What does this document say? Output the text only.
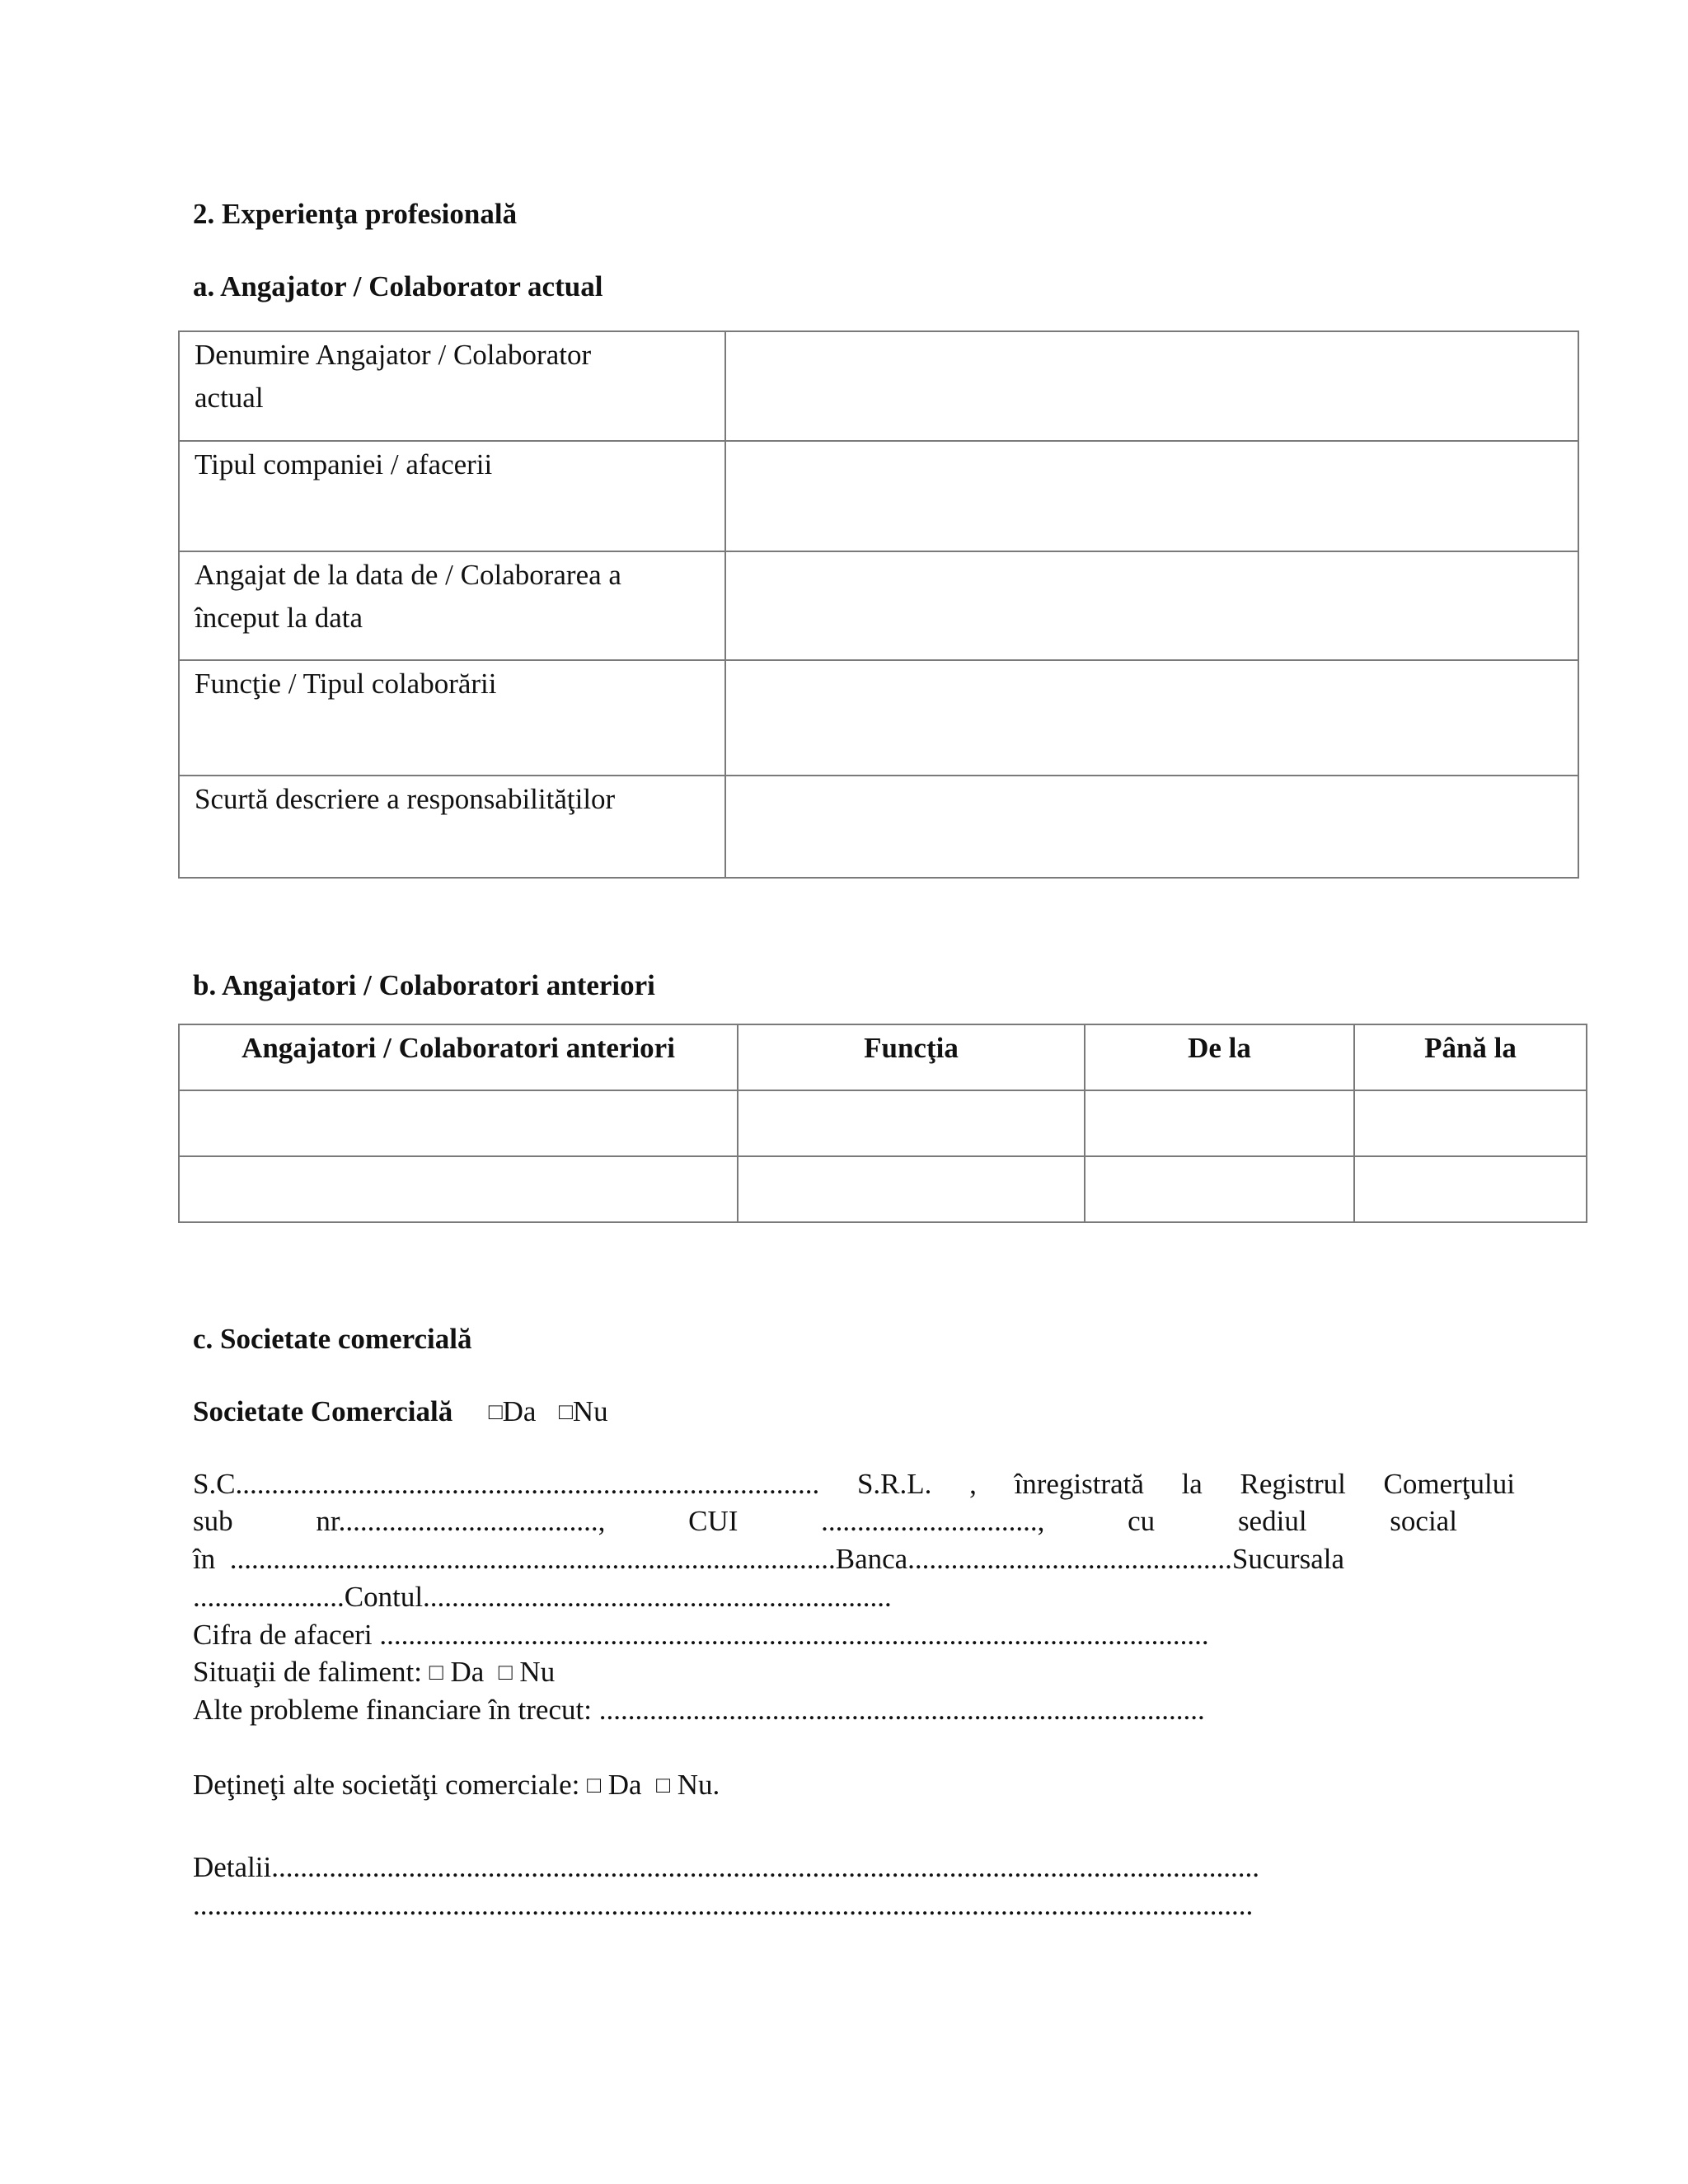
2. Experienţa profesională
a. Angajator / Colaborator actual
Denumire Angajator / Colaborator
actual	

Tipul companiei / afacerii	

Angajat de la data de / Colaborarea a
început la data	

Funcţie / Tipul colaborării	

Scurtă descriere a responsabilităţilor	

b. Angajatori / Colaboratori anteriori
Angajatori / Colaboratori anteriori	Funcţia	De la	Până la

c. Societate comercială
Societate Comercială □Da □Nu
S.C................................................................................. S.R.L. , înregistrată la Registrul Comerţului
sub	nr....................................,	CUI	..............................,	cu	sediul	social
în ....................................................................................Banca.............................................Sucursala
.....................Contul.................................................................
Cifra de afaceri ...................................................................................................................
Situaţii de faliment: □ Da □ Nu
Alte probleme financiare în trecut: ....................................................................................
Deţineţi alte societăţi comerciale: □ Da □ Nu.
Detalii.........................................................................................................................................
...................................................................................................................................................
